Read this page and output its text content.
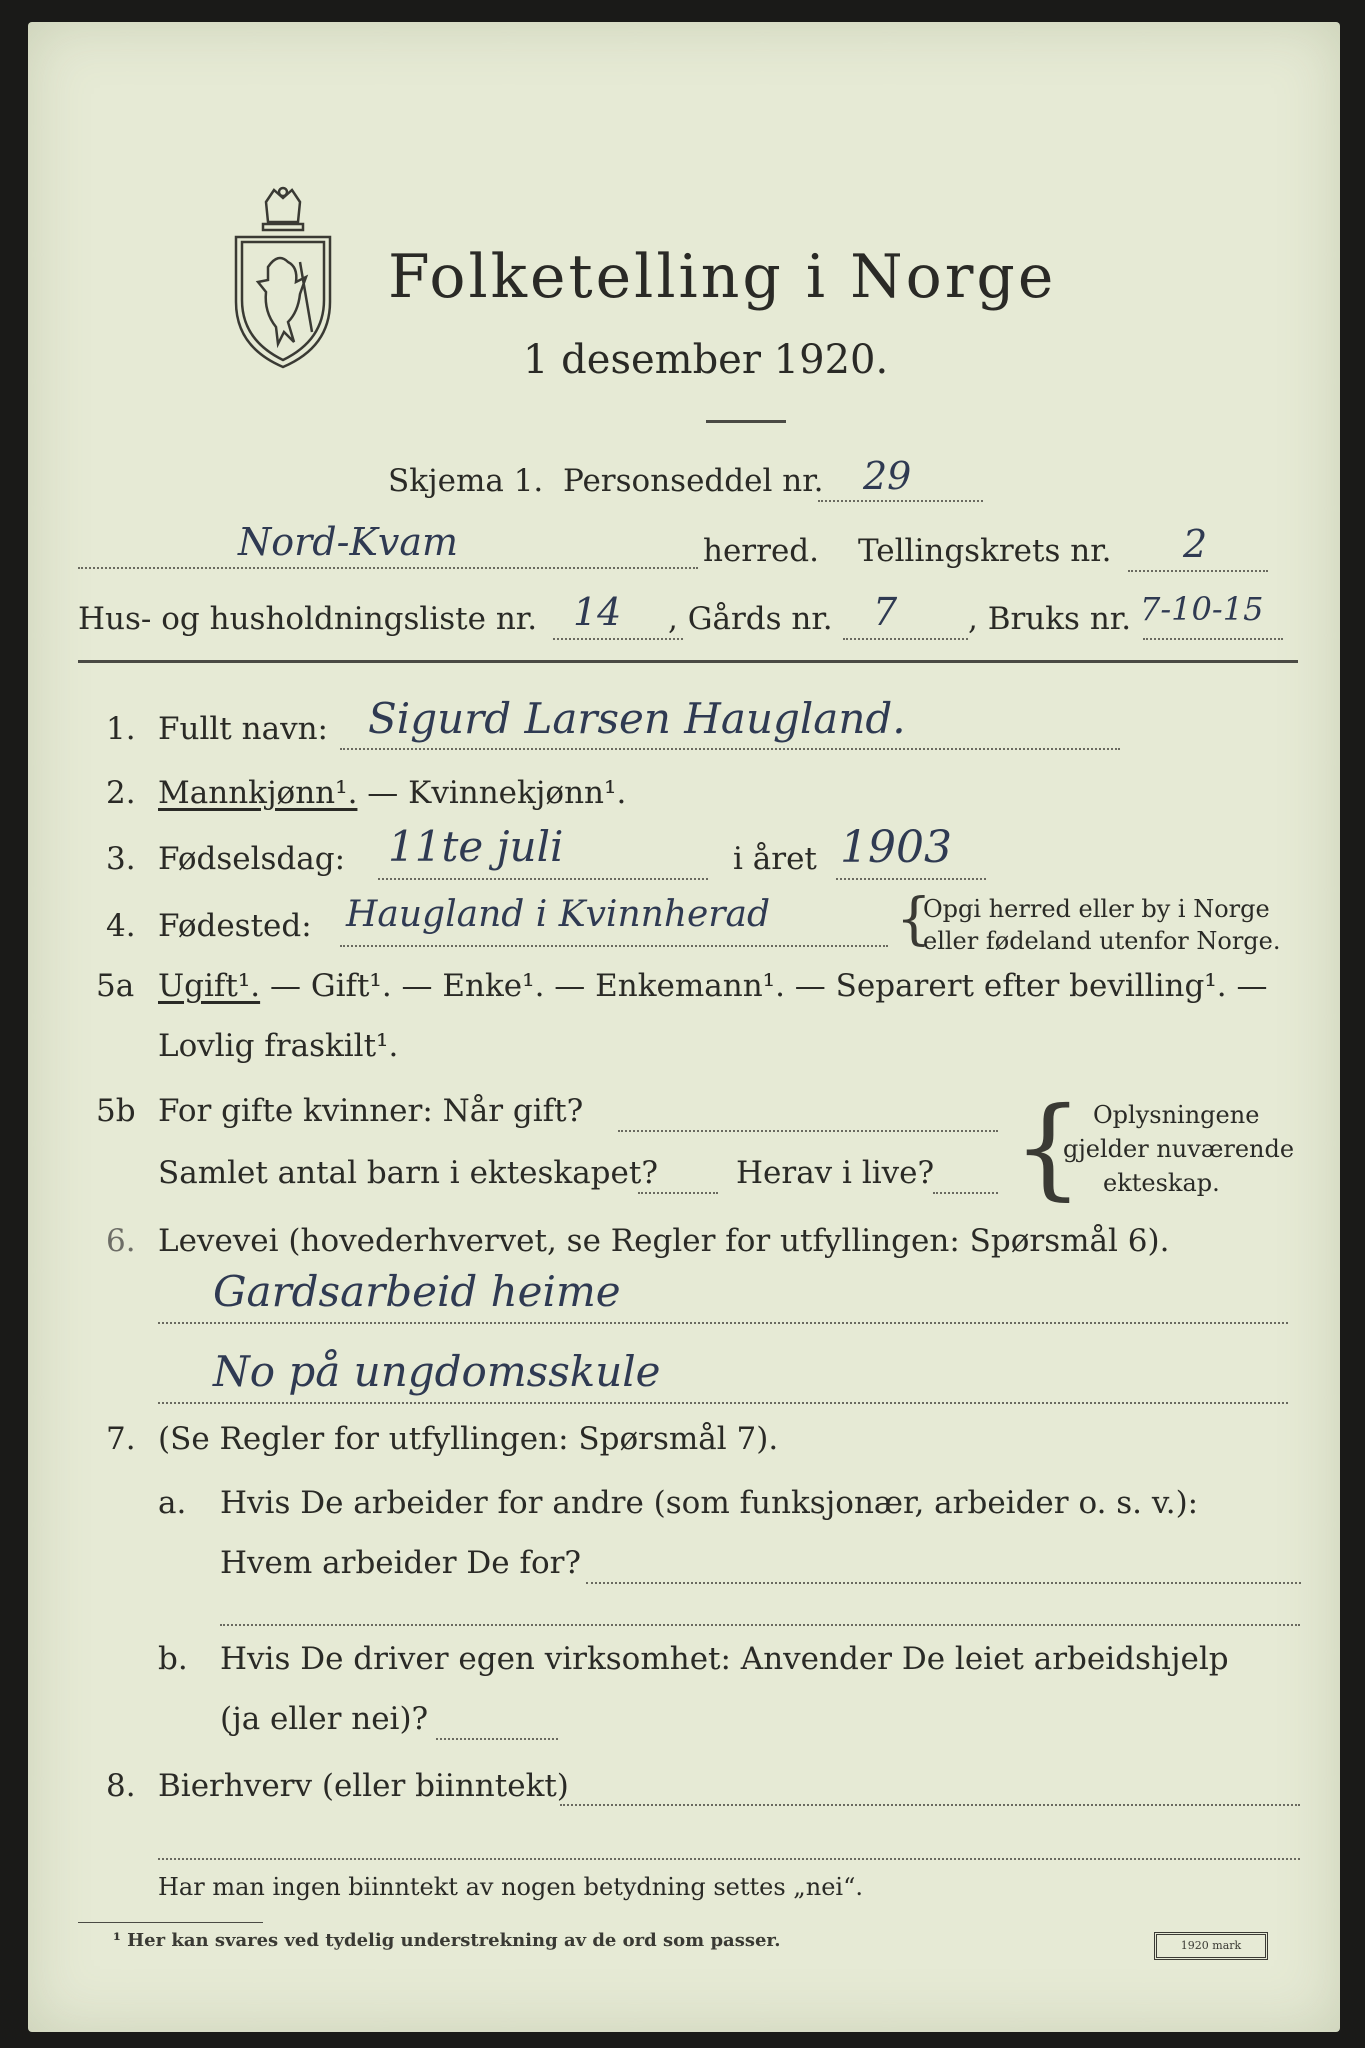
Folketelling i Norge
1 desember 1920.
Skjema 1. Personseddel nr. 29
Nord-Kvam	herred. Tellingskrets nr. 2
Hus- og husholdningsliste nr. 14 , Gårds nr. 7 , Bruks nr. 7-10-15
1. Fullt navn: Sigurd Larsen Haugland.
2. Mannkjønn¹. — Kvinnekjønn¹.
3. Fødselsdag: 11te juli	i året 1903
4. Fødested: Haugland i Kvinnherad {
Opgi herred eller by i Norge
eller fødeland utenfor Norge.
5a Ugift¹. — Gift¹. — Enke¹. — Enkemann¹. — Separert efter bevilling¹. —
Lovlig fraskilt¹.
5b For gifte kvinner: Når gift?
Samlet antal barn i ekteskapet?	Herav i live? { Oplysningene
gjelder nuværende
ekteskap.
6. Levevei (hovederhvervet, se Regler for utfyllingen: Spørsmål 6).
Gardsarbeid heime
No på ungdomsskule
7. (Se Regler for utfyllingen: Spørsmål 7).
a. Hvis De arbeider for andre (som funksjonær, arbeider o. s. v.):
Hvem arbeider De for?
b. Hvis De driver egen virksomhet: Anvender De leiet arbeidshjelp
(ja eller nei)?
8. Bierhverv (eller biinntekt)
Har man ingen biinntekt av nogen betydning settes „nei“.
¹ Her kan svares ved tydelig understrekning av de ord som passer.	1920 mark
